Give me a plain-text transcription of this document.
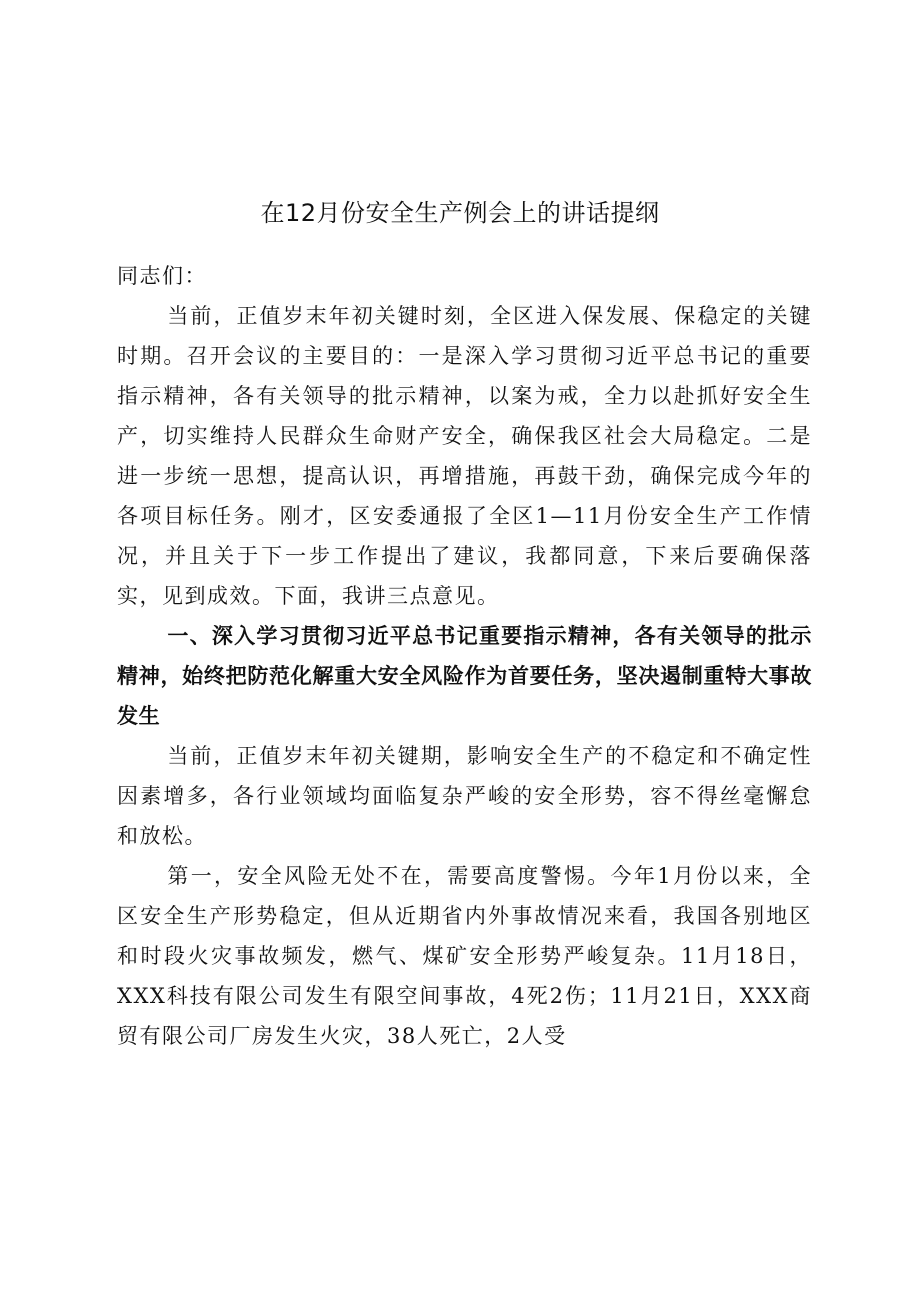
在12月份安全生产例会上的讲话提纲

同志们：

当前，正值岁末年初关键时刻，全区进入保发展、保稳定的关键时期。召开会议的主要目的：一是深入学习贯彻习近平总书记的重要指示精神，各有关领导的批示精神，以案为戒，全力以赴抓好安全生产，切实维持人民群众生命财产安全，确保我区社会大局稳定。二是进一步统一思想，提高认识，再增措施，再鼓干劲，确保完成今年的各项目标任务。刚才，区安委通报了全区1—11月份安全生产工作情况，并且关于下一步工作提出了建议，我都同意，下来后要确保落实，见到成效。下面，我讲三点意见。

一、深入学习贯彻习近平总书记重要指示精神，各有关领导的批示精神，始终把防范化解重大安全风险作为首要任务，坚决遏制重特大事故发生

当前，正值岁末年初关键期，影响安全生产的不稳定和不确定性因素增多，各行业领域均面临复杂严峻的安全形势，容不得丝毫懈怠和放松。

第一，安全风险无处不在，需要高度警惕。今年1月份以来，全区安全生产形势稳定，但从近期省内外事故情况来看，我国各别地区和时段火灾事故频发，燃气、煤矿安全形势严峻复杂。11月18日，XXX科技有限公司发生有限空间事故，4死2伤；11月21日，XXX商贸有限公司厂房发生火灾，38人死亡，2人受
